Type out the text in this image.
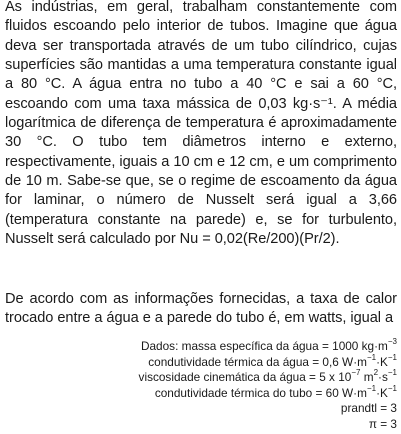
As indústrias, em geral, trabalham constantemente com fluidos escoando pelo interior de tubos. Imagine que água deva ser transportada através de um tubo cilíndrico, cujas superfícies são mantidas a uma temperatura constante igual a 80 °C. A água entra no tubo a 40 °C e sai a 60 °C, escoando com uma taxa mássica de 0,03 kg·s⁻¹. A média logarítmica de diferença de temperatura é aproximadamente 30 °C. O tubo tem diâmetros interno e externo, respectivamente, iguais a 10 cm e 12 cm, e um comprimento de 10 m. Sabe-se que, se o regime de escoamento da água for laminar, o número de Nusselt será igual a 3,66 (temperatura constante na parede) e, se for turbulento, Nusselt será calculado por Nu = 0,02(Re/200)(Pr/2).
De acordo com as informações fornecidas, a taxa de calor trocado entre a água e a parede do tubo é, em watts, igual a
Dados: massa específica da água = 1000 $kg\cdot m^{-3}$
condutividade térmica da água = 0,6 $W\cdot m^{-1}\cdot K^{-1}$
viscosidade cinemática da água = 5 x $10^{-7}$ $m^2\cdot s^{-1}$
condutividade térmica do tubo = 60 $W\cdot m^{-1}\cdot K^{-1}$
prandtl = 3
π = 3
